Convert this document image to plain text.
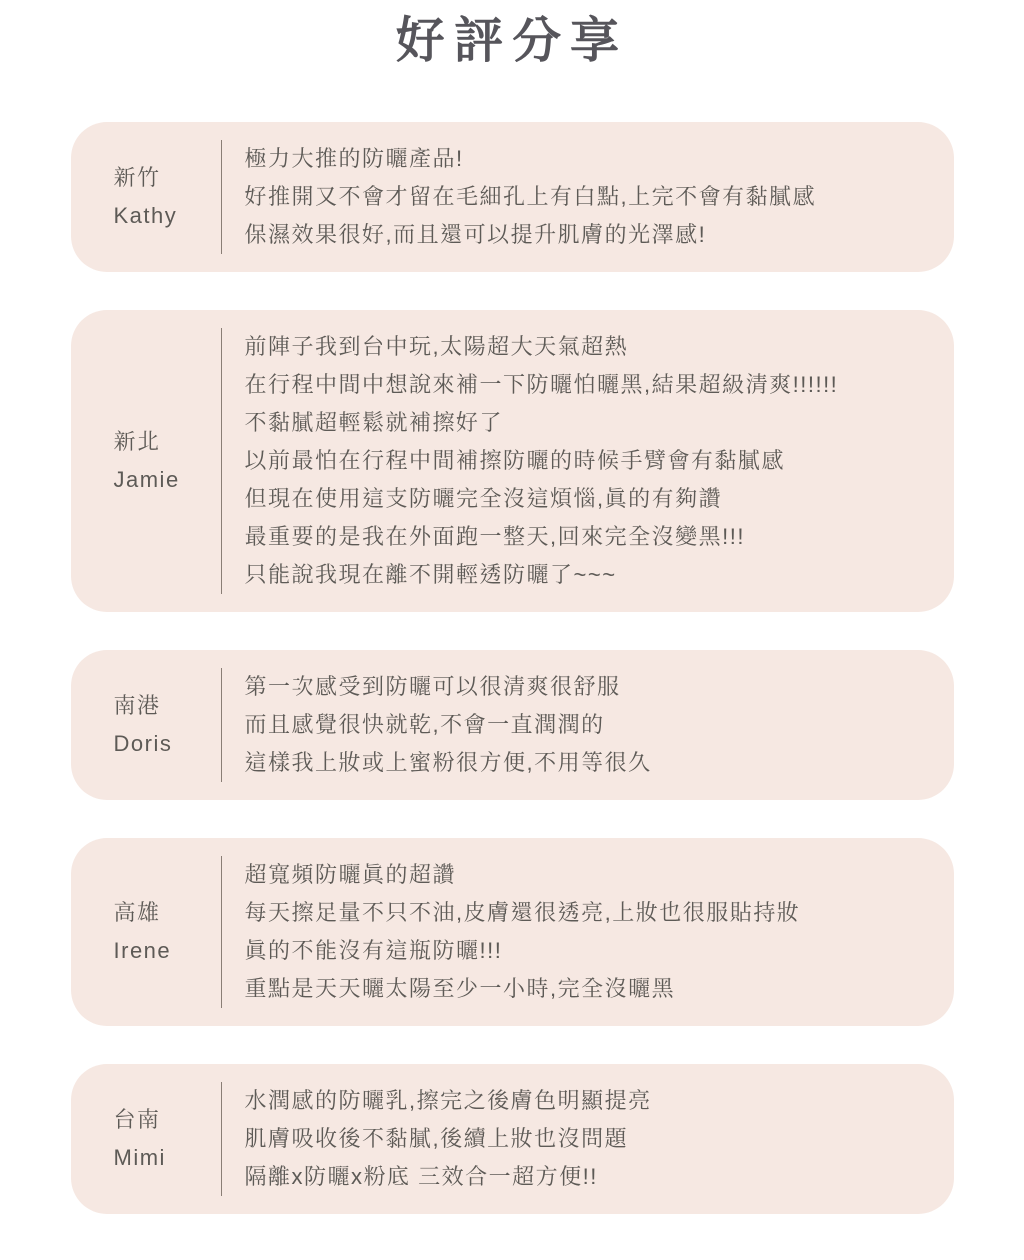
好評分享
新竹
Kathy
極力大推的防曬產品!
好推開又不會才留在毛細孔上有白點,上完不會有黏膩感
保濕效果很好,而且還可以提升肌膚的光澤感!
新北
Jamie
前陣子我到台中玩,太陽超大天氣超熱
在行程中間中想說來補一下防曬怕曬黑,結果超級清爽!!!!!!
不黏膩超輕鬆就補擦好了
以前最怕在行程中間補擦防曬的時候手臂會有黏膩感
但現在使用這支防曬完全沒這煩惱,眞的有夠讚
最重要的是我在外面跑一整天,回來完全沒變黑!!!
只能說我現在離不開輕透防曬了~~~
南港
Doris
第一次感受到防曬可以很清爽很舒服
而且感覺很快就乾,不會一直潤潤的
這樣我上妝或上蜜粉很方便,不用等很久
高雄
Irene
超寬頻防曬眞的超讚
每天擦足量不只不油,皮膚還很透亮,上妝也很服貼持妝
眞的不能沒有這瓶防曬!!!
重點是天天曬太陽至少一小時,完全沒曬黑
台南
Mimi
水潤感的防曬乳,擦完之後膚色明顯提亮
肌膚吸收後不黏膩,後續上妝也沒問題
隔離x防曬x粉底 三效合一超方便!!
